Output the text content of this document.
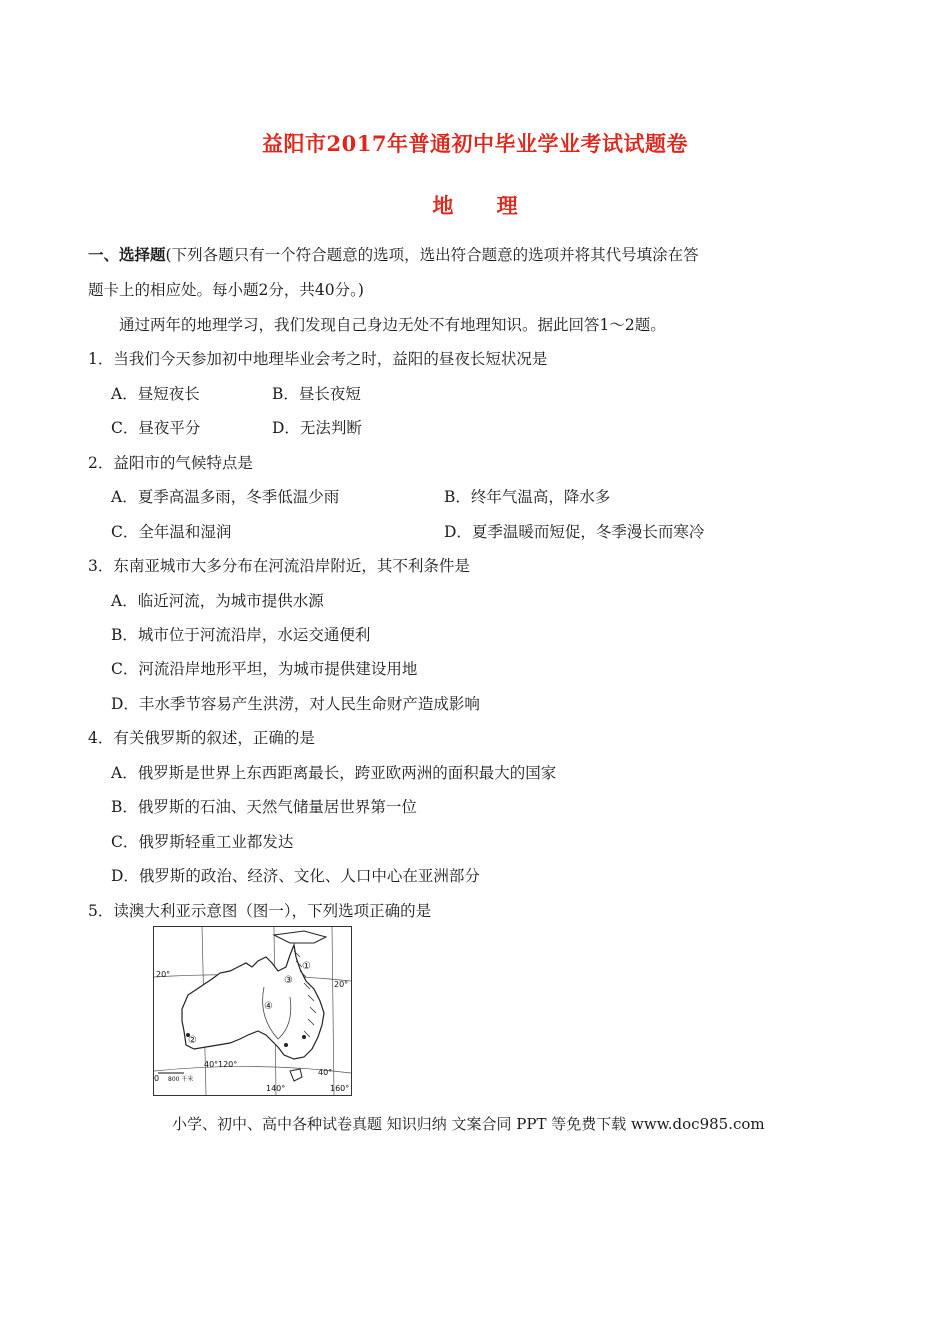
益阳市2017年普通初中毕业学业考试试题卷
地 理
一、选择题(下列各题只有一个符合题意的选项，选出符合题意的选项并将其代号填涂在答
题卡上的相应处。每小题2分，共40分。)
通过两年的地理学习，我们发现自己身边无处不有地理知识。据此回答1～2题。
1．当我们今天参加初中地理毕业会考之时，益阳的昼夜长短状况是
A．昼短夜长	B．昼长夜短
C．昼夜平分	D．无法判断
2．益阳市的气候特点是
A．夏季高温多雨，冬季低温少雨	B．终年气温高，降水多
C．全年温和湿润	D．夏季温暖而短促，冬季漫长而寒冷
3．东南亚城市大多分布在河流沿岸附近，其不利条件是
A．临近河流，为城市提供水源
B．城市位于河流沿岸，水运交通便利
C．河流沿岸地形平坦，为城市提供建设用地
D．丰水季节容易产生洪涝，对人民生命财产造成影响
4．有关俄罗斯的叙述，正确的是
A．俄罗斯是世界上东西距离最长，跨亚欧两洲的面积最大的国家
B．俄罗斯的石油、天然气储量居世界第一位
C．俄罗斯轻重工业都发达
D．俄罗斯的政治、经济、文化、人口中心在亚洲部分
5．读澳大利亚示意图（图一），下列选项正确的是
20°
20°
40° 120°
140°	160°
40°
0 800 千米
①
②
③
④
小学、初中、高中各种试卷真题 知识归纳 文案合同 PPT 等免费下载 www.doc985.com
